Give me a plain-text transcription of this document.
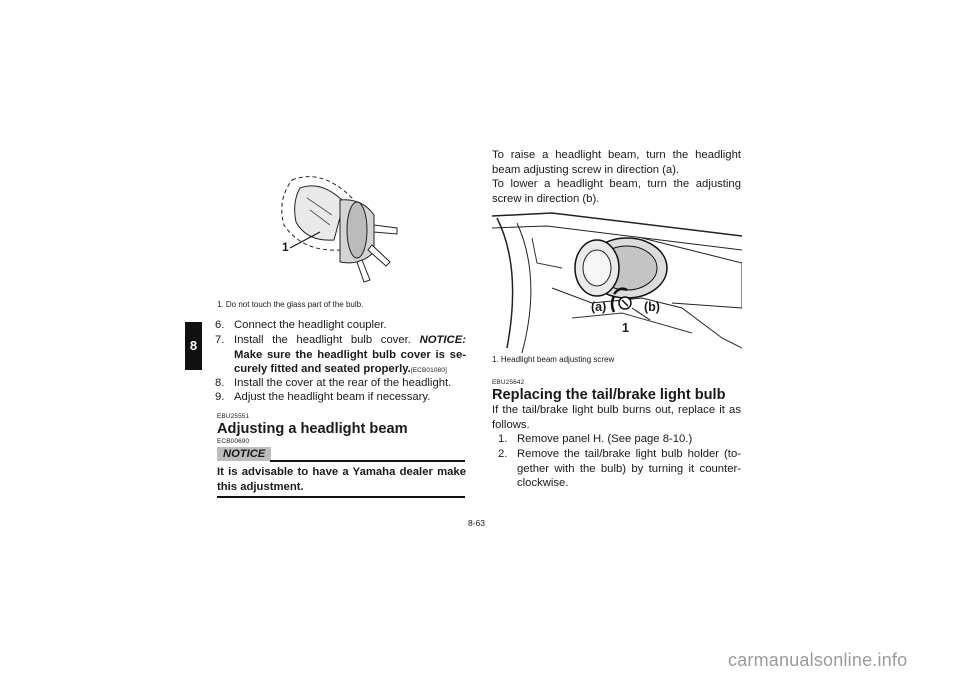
8
1
1. Do not touch the glass part of the bulb.
6. Connect the headlight coupler.
7. Install the headlight bulb cover. NOTICE: Make sure the headlight bulb cover is se-curely fitted and seated properly.[ECB01080]
8. Install the cover at the rear of the headlight.
9. Adjust the headlight beam if necessary.
EBU25551
Adjusting a headlight beam
ECB00690
NOTICE
It is advisable to have a Yamaha dealer make this adjustment.
To raise a headlight beam, turn the headlight beam adjusting screw in direction (a).
To lower a headlight beam, turn the adjusting screw in direction (b).
(a)	(b)
1
1. Headlight beam adjusting screw
EBU25642
Replacing the tail/brake light bulb
If the tail/brake light bulb burns out, replace it as follows.
1. Remove panel H. (See page 8-10.)
2. Remove the tail/brake light bulb holder (to-gether with the bulb) by turning it counter-clockwise.
8-63
carmanualsonline.info
